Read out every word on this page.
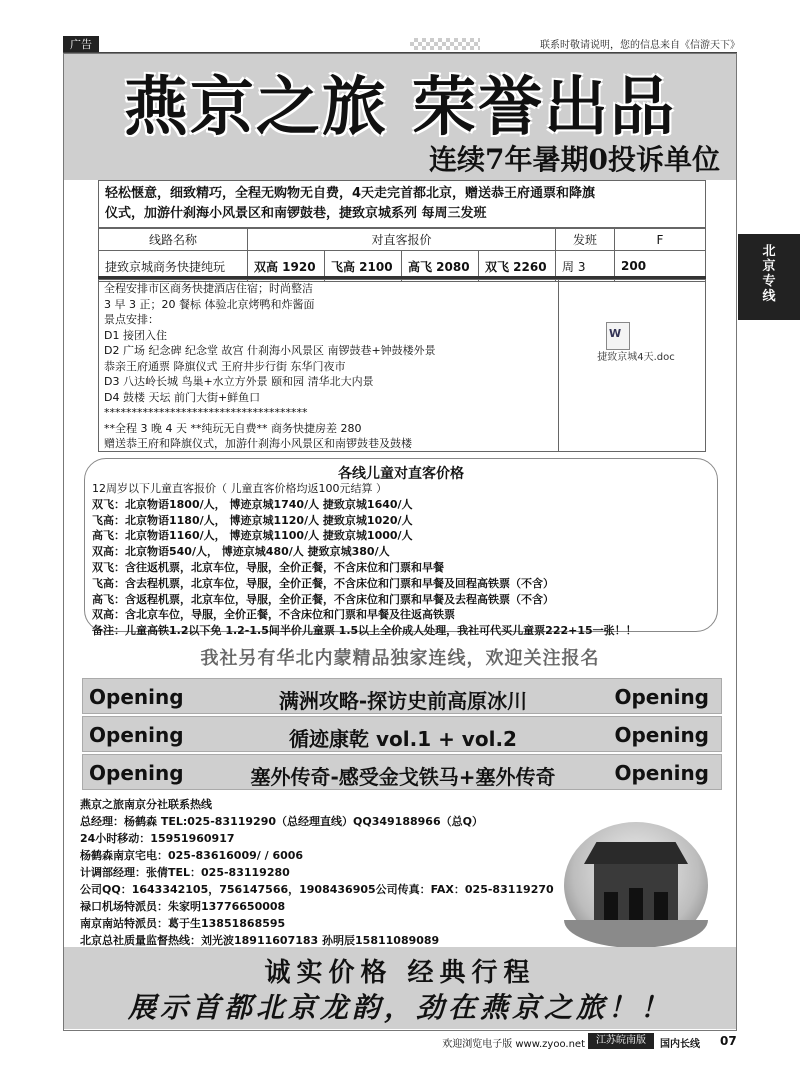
广告	联系时敬请说明，您的信息来自《信游天下》
北
京
专
线
燕京之旅 荣誉出品
连续7年暑期0投诉单位
轻松惬意，细致精巧，全程无购物无自费，4天走完首都北京，赠送恭王府通票和降旗
仪式，加游什刹海小风景区和南锣鼓巷，捷致京城系列 每周三发班
线路名称	对直客报价				发班	F
捷致京城商务快捷纯玩	双高 1920	飞高 2100	高飞 2080	双飞 2260	周 3	200
全程安排市区商务快捷酒店住宿；时尚整洁
3 早 3 正；20 餐标 体验北京烤鸭和炸酱面
景点安排：
D1 接团入住
D2 广场 纪念碑 纪念堂 故宫 什刹海小风景区 南锣鼓巷+钟鼓楼外景
恭亲王府通票 降旗仪式 王府井步行街 东华门夜市
D3 八达岭长城 鸟巢+水立方外景 颐和园 清华北大内景
D4 鼓楼 天坛 前门大街+鲜鱼口
*************************************
**全程 3 晚 4 天 **纯玩无自费** 商务快捷房差 280
赠送恭王府和降旗仪式，加游什刹海小风景区和南锣鼓巷及鼓楼
W
捷致京城4天.doc
各线儿童对直客价格
12周岁以下儿童直客报价（ 儿童直客价格均返100元结算 ）
双飞：北京物语1800/人， 博迹京城1740/人 捷致京城1640/人
飞高：北京物语1180/人， 博迹京城1120/人 捷致京城1020/人
高飞：北京物语1160/人， 博迹京城1100/人 捷致京城1000/人
双高：北京物语540/人， 博迹京城480/人 捷致京城380/人
双飞：含往返机票，北京车位，导服，全价正餐，不含床位和门票和早餐
飞高：含去程机票，北京车位，导服，全价正餐，不含床位和门票和早餐及回程高铁票（不含）
高飞：含返程机票，北京车位，导服，全价正餐，不含床位和门票和早餐及去程高铁票（不含）
双高：含北京车位，导服，全价正餐，不含床位和门票和早餐及往返高铁票
备注：儿童高铁1.2以下免 1.2-1.5间半价儿童票 1.5以上全价成人处理，我社可代买儿童票222+15一张！！
我社另有华北内蒙精品独家连线，欢迎关注报名
Opening	满洲攻略-探访史前高原冰川	Opening
Opening	循迹康乾 vol.1 + vol.2	Opening
Opening	塞外传奇-感受金戈铁马+塞外传奇	Opening
燕京之旅南京分社联系热线
总经理：杨鹤森 TEL:025-83119290（总经理直线）QQ349188966（总Q）
24小时移动：15951960917
杨鹤森南京宅电：025-83616009/ / 6006
计调部经理：张倩TEL：025-83119280
公司QQ：1643342105，756147566，1908436905公司传真：FAX：025-83119270
禄口机场特派员：朱家明13776650008
南京南站特派员：葛于生13851868595
北京总社质量监督热线：刘光波18911607183 孙明辰15811089089
诚实价格 经典行程
展示首都北京龙韵，劲在燕京之旅！！
欢迎浏览电子版 www.zyoo.net	江苏皖南版	国内长线 07
